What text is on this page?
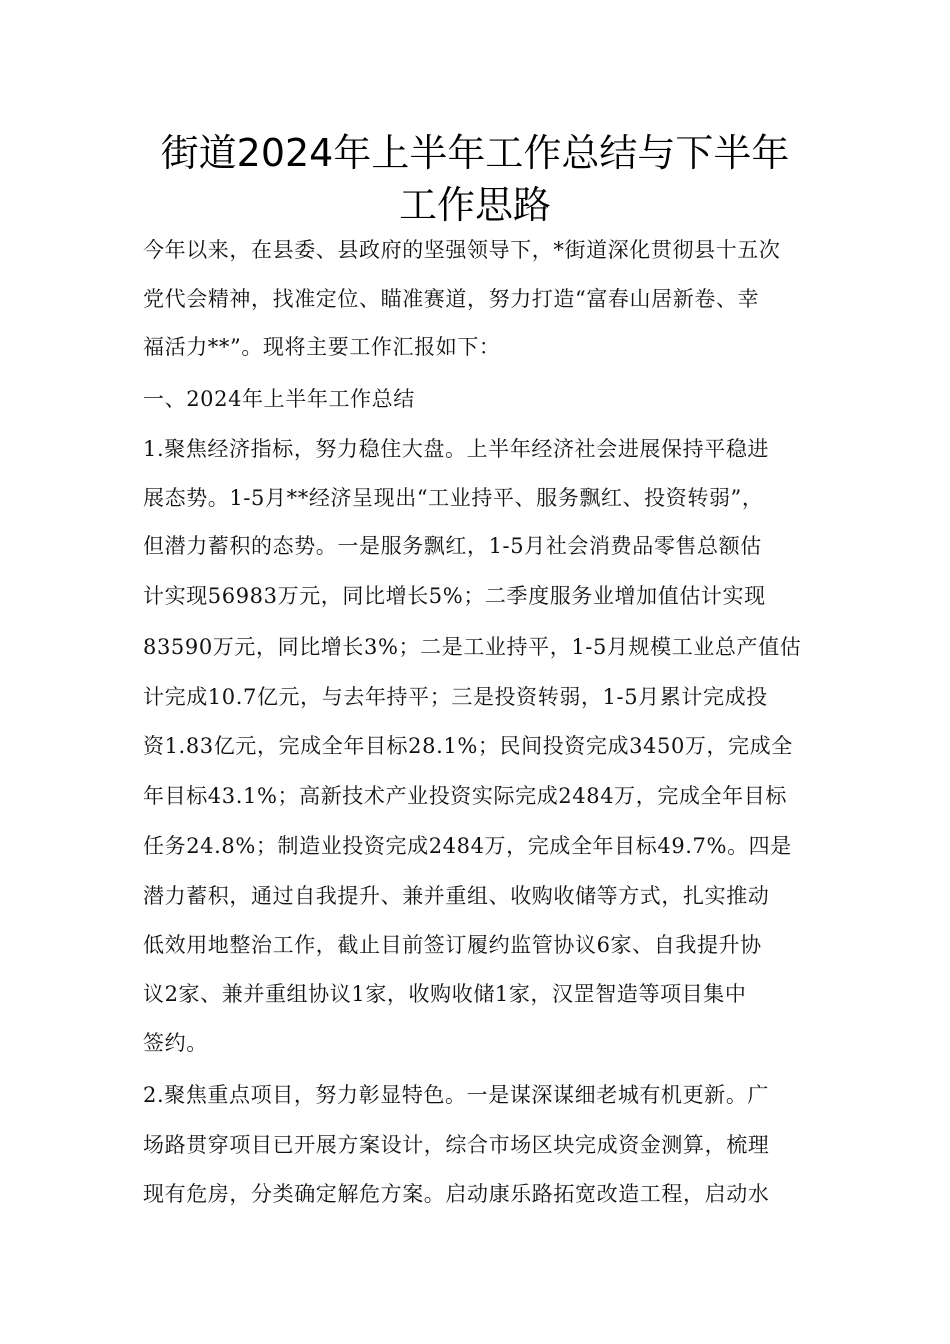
街道2024年上半年工作总结与下半年
工作思路
今年以来，在县委、县政府的坚强领导下，*街道深化贯彻县十五次
党代会精神，找准定位、瞄准赛道，努力打造“富春山居新卷、幸
福活力**”。现将主要工作汇报如下：
一、2024年上半年工作总结
1.聚焦经济指标，努力稳住大盘。上半年经济社会进展保持平稳进
展态势。1-5月**经济呈现出“工业持平、服务飘红、投资转弱”，
但潜力蓄积的态势。一是服务飘红，1-5月社会消费品零售总额估
计实现56983万元，同比增长5%；二季度服务业增加值估计实现
83590万元，同比增长3%；二是工业持平，1-5月规模工业总产值估
计完成10.7亿元，与去年持平；三是投资转弱，1-5月累计完成投
资1.83亿元，完成全年目标28.1%；民间投资完成3450万，完成全
年目标43.1%；高新技术产业投资实际完成2484万，完成全年目标
任务24.8%；制造业投资完成2484万，完成全年目标49.7%。四是
潜力蓄积，通过自我提升、兼并重组、收购收储等方式，扎实推动
低效用地整治工作，截止目前签订履约监管协议6家、自我提升协
议2家、兼并重组协议1家，收购收储1家，汉罡智造等项目集中
签约。
2.聚焦重点项目，努力彰显特色。一是谋深谋细老城有机更新。广
场路贯穿项目已开展方案设计，综合市场区块完成资金测算，梳理
现有危房，分类确定解危方案。启动康乐路拓宽改造工程，启动水
